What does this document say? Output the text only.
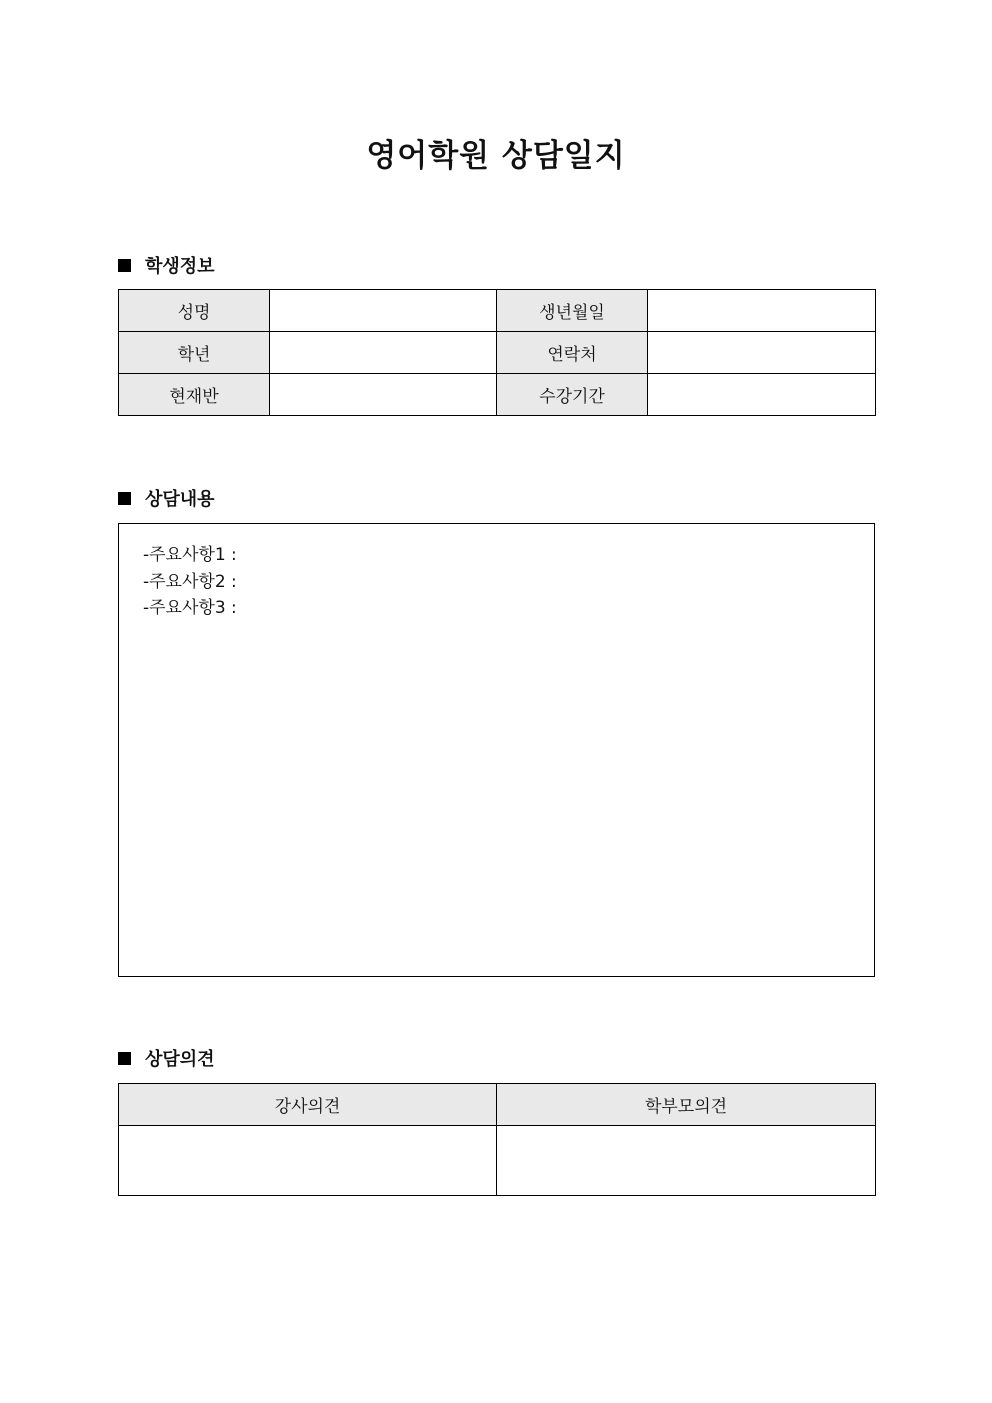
영어학원 상담일지
학생정보
성명		생년월일	
학년		연락처	
현재반		수강기간	
상담내용
-주요사항1 :
-주요사항2 :
-주요사항3 :
상담의견
강사의견	학부모의견
